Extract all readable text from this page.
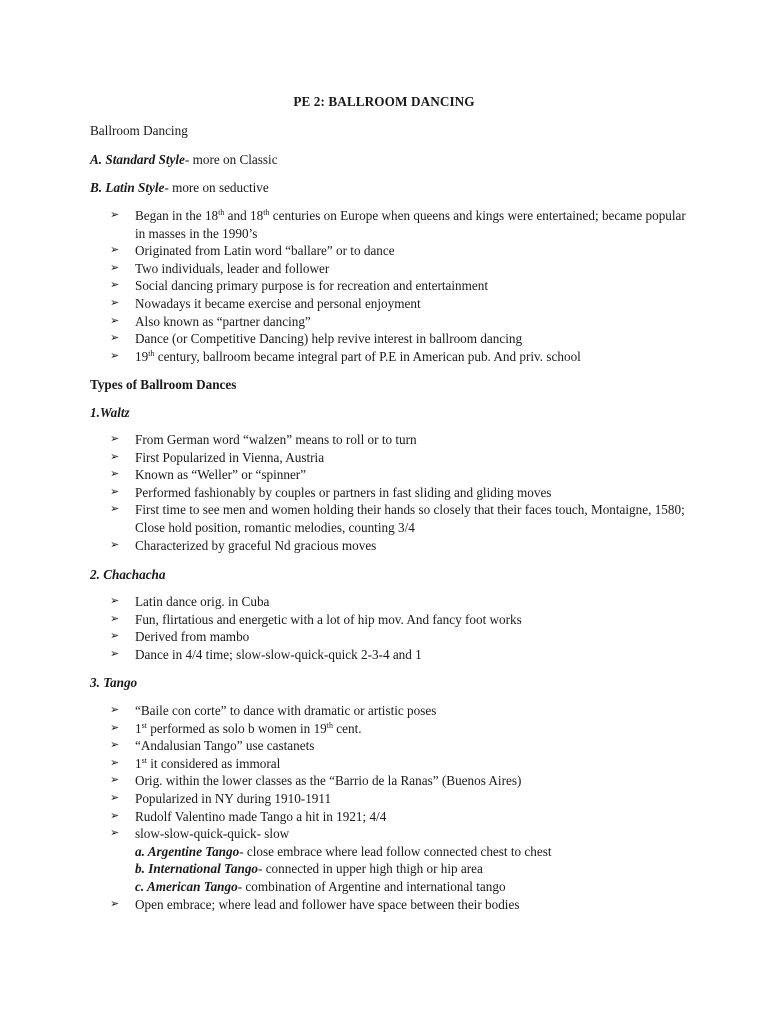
PE 2: BALLROOM DANCING
Ballroom Dancing
A. Standard Style- more on Classic
B. Latin Style- more on seductive
➢ Began in the 18th and 18th centuries on Europe when queens and kings were entertained; became popular in masses in the 1990’s
➢ Originated from Latin word “ballare” or to dance
➢ Two individuals, leader and follower
➢ Social dancing primary purpose is for recreation and entertainment
➢ Nowadays it became exercise and personal enjoyment
➢ Also known as “partner dancing”
➢ Dance (or Competitive Dancing) help revive interest in ballroom dancing
➢ 19th century, ballroom became integral part of P.E in American pub. And priv. school
Types of Ballroom Dances
1.Waltz
➢ From German word “walzen” means to roll or to turn
➢ First Popularized in Vienna, Austria
➢ Known as “Weller” or “spinner”
➢ Performed fashionably by couples or partners in fast sliding and gliding moves
➢ First time to see men and women holding their hands so closely that their faces touch, Montaigne, 1580; Close hold position, romantic melodies, counting 3/4
➢ Characterized by graceful Nd gracious moves
2. Chachacha
➢ Latin dance orig. in Cuba
➢ Fun, flirtatious and energetic with a lot of hip mov. And fancy foot works
➢ Derived from mambo
➢ Dance in 4/4 time; slow-slow-quick-quick 2-3-4 and 1
3. Tango
➢ “Baile con corte” to dance with dramatic or artistic poses
➢ 1st performed as solo b women in 19th cent.
➢ “Andalusian Tango” use castanets
➢ 1st it considered as immoral
➢ Orig. within the lower classes as the “Barrio de la Ranas” (Buenos Aires)
➢ Popularized in NY during 1910-1911
➢ Rudolf Valentino made Tango a hit in 1921; 4/4
➢ slow-slow-quick-quick- slow
a. Argentine Tango- close embrace where lead follow connected chest to chest
b. International Tango- connected in upper high thigh or hip area
c. American Tango- combination of Argentine and international tango
➢ Open embrace; where lead and follower have space between their bodies
